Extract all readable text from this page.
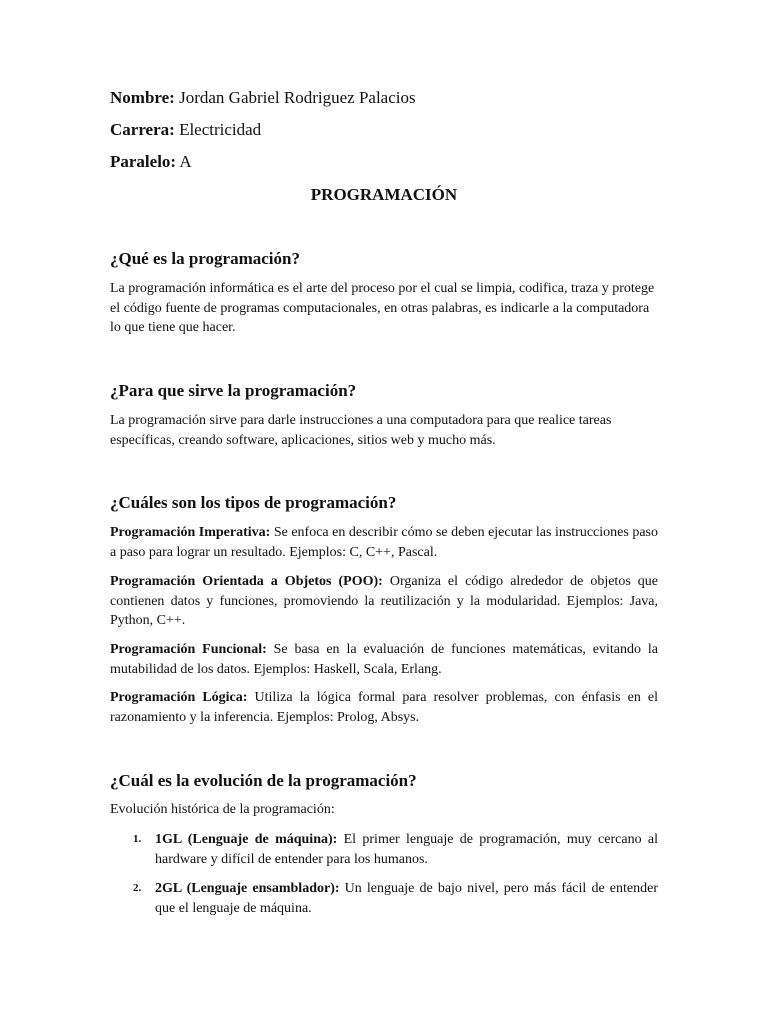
Nombre: Jordan Gabriel Rodriguez Palacios

Carrera: Electricidad

Paralelo: A

PROGRAMACIÓN
¿Qué es la programación?

La programación informática es el arte del proceso por el cual se limpia, codifica, traza y protege el código fuente de programas computacionales, en otras palabras, es indicarle a la computadora lo que tiene que hacer.

¿Para que sirve la programación?

La programación sirve para darle instrucciones a una computadora para que realice tareas específicas, creando software, aplicaciones, sitios web y mucho más.

¿Cuáles son los tipos de programación?

Programación Imperativa: Se enfoca en describir cómo se deben ejecutar las instrucciones paso a paso para lograr un resultado. Ejemplos: C, C++, Pascal.

Programación Orientada a Objetos (POO): Organiza el código alrededor de objetos que contienen datos y funciones, promoviendo la reutilización y la modularidad. Ejemplos: Java, Python, C++.

Programación Funcional: Se basa en la evaluación de funciones matemáticas, evitando la mutabilidad de los datos. Ejemplos: Haskell, Scala, Erlang.

Programación Lógica: Utiliza la lógica formal para resolver problemas, con énfasis en el razonamiento y la inferencia. Ejemplos: Prolog, Absys.

¿Cuál es la evolución de la programación?

Evolución histórica de la programación:

1. 1GL (Lenguaje de máquina): El primer lenguaje de programación, muy cercano al hardware y difícil de entender para los humanos.
2. 2GL (Lenguaje ensamblador): Un lenguaje de bajo nivel, pero más fácil de entender que el lenguaje de máquina.
